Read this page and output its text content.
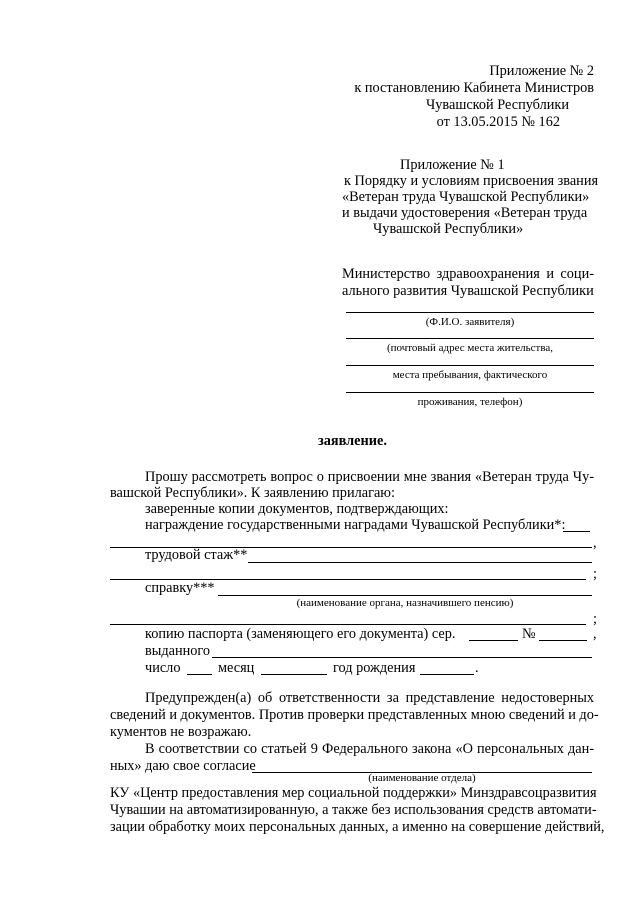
Приложение № 2
к постановлению Кабинета Министров
Чувашской Республики
от 13.05.2015 № 162
Приложение № 1
к Порядку и условиям присвоения звания
«Ветеран труда Чувашской Республики»
и выдачи удостоверения «Ветеран труда
Чувашской Республики»
Министерство здравоохранения и соци-
ального развития Чувашской Республики
(Ф.И.О. заявителя)
(почтовый адрес места жительства,
места пребывания, фактического
проживания, телефон)
заявление.
Прошу рассмотреть вопрос о присвоении мне звания «Ветеран труда Чу-
вашской Республики». К заявлению прилагаю:
заверенные копии документов, подтверждающих:
награждение государственными наградами Чувашской Республики*:
,
трудовой стаж**
;
справку***
(наименование органа, назначившего пенсию)
;
копию паспорта (заменяющего его документа) сер.	№	,
выданного
число	месяц	год рождения	.
Предупрежден(а) об ответственности за представление недостоверных
сведений и документов. Против проверки представленных мною сведений и до-
кументов не возражаю.
В соответствии со статьей 9 Федерального закона «О персональных дан-
ных» даю свое согласие
(наименование отдела)
КУ «Центр предоставления мер социальной поддержки» Минздравсоцразвития
Чувашии на автоматизированную, а также без использования средств автомати-
зации обработку моих персональных данных, а именно на совершение действий,
